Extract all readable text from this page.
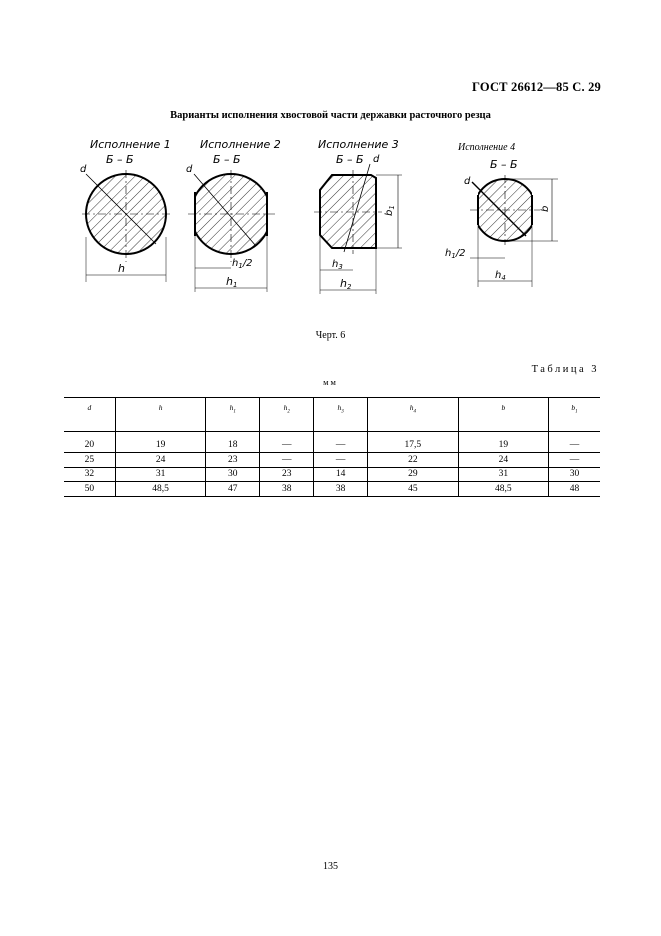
ГОСТ 26612—85 С. 29
Варианты исполнения хвостовой части державки расточного резца
Исполнение 1
Б – Б
d
h
Исполнение 2
Б – Б
d
$h_1/2$
h1
Исполнение 3
Б – Б d
$b_1$
$h_3$
h2
Исполнение 4
Б – Б
d
b
$h_1/2$
$h_4$
Черт. 6
Таблица 3
мм
d	h	$h_1$	$h_2$	$h_3$	$h_4$	b	$b_1$
20	19	18	—	—	17,5	19	—
25	24	23	—	—	22	24	—
32	31	30	23	14	29	31	30
50	48,5	47	38	38	45	48,5	48
135
